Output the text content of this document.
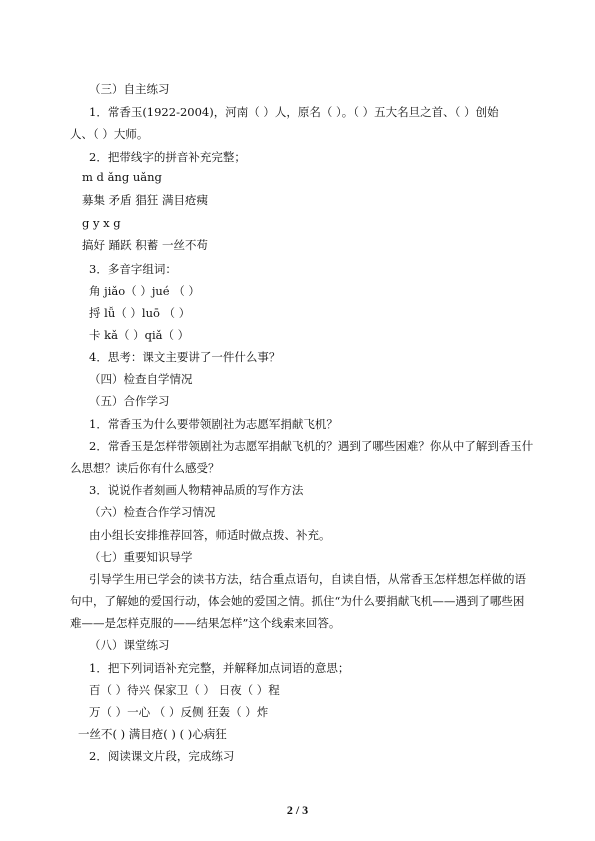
（三）自主练习
1．常香玉(1922-2004)，河南（ ）人，原名（ ）。（ ）五大名旦之首、（ ）创始
人、（ ）大师。
2．把带线字的拼音补充完整；
m d ǎng uǎng
募集 矛盾 猖狂 满目疮痍
g y x g
搞好 踊跃 积蓄 一丝不苟
3．多音字组词：
角 jiǎo（ ）jué （ ）
捋 lǚ（ ）luō （ ）
卡 kǎ（ ）qiǎ（ ）
4．思考：课文主要讲了一件什么事？
（四）检查自学情况
（五）合作学习
1．常香玉为什么要带领剧社为志愿军捐献飞机？
2．常香玉是怎样带领剧社为志愿军捐献飞机的？遇到了哪些困难？你从中了解到香玉什
么思想？读后你有什么感受？
3．说说作者刻画人物精神品质的写作方法
（六）检查合作学习情况
由小组长安排推荐回答，师适时做点拨、补充。
（七）重要知识导学
引导学生用已学会的读书方法，结合重点语句，自读自悟，从常香玉怎样想怎样做的语
句中，了解她的爱国行动，体会她的爱国之情。抓住“为什么要捐献飞机——遇到了哪些困
难——是怎样克服的——结果怎样”这个线索来回答。
（八）课堂练习
1．把下列词语补充完整，并解释加点词语的意思；
百（ ）待兴 保家卫（ ） 日夜（ ）程
万（ ）一心 （ ）反侧 狂轰（ ）炸
一丝不( ) 满目疮( ) ( )心病狂
2．阅读课文片段，完成练习
2 / 3
